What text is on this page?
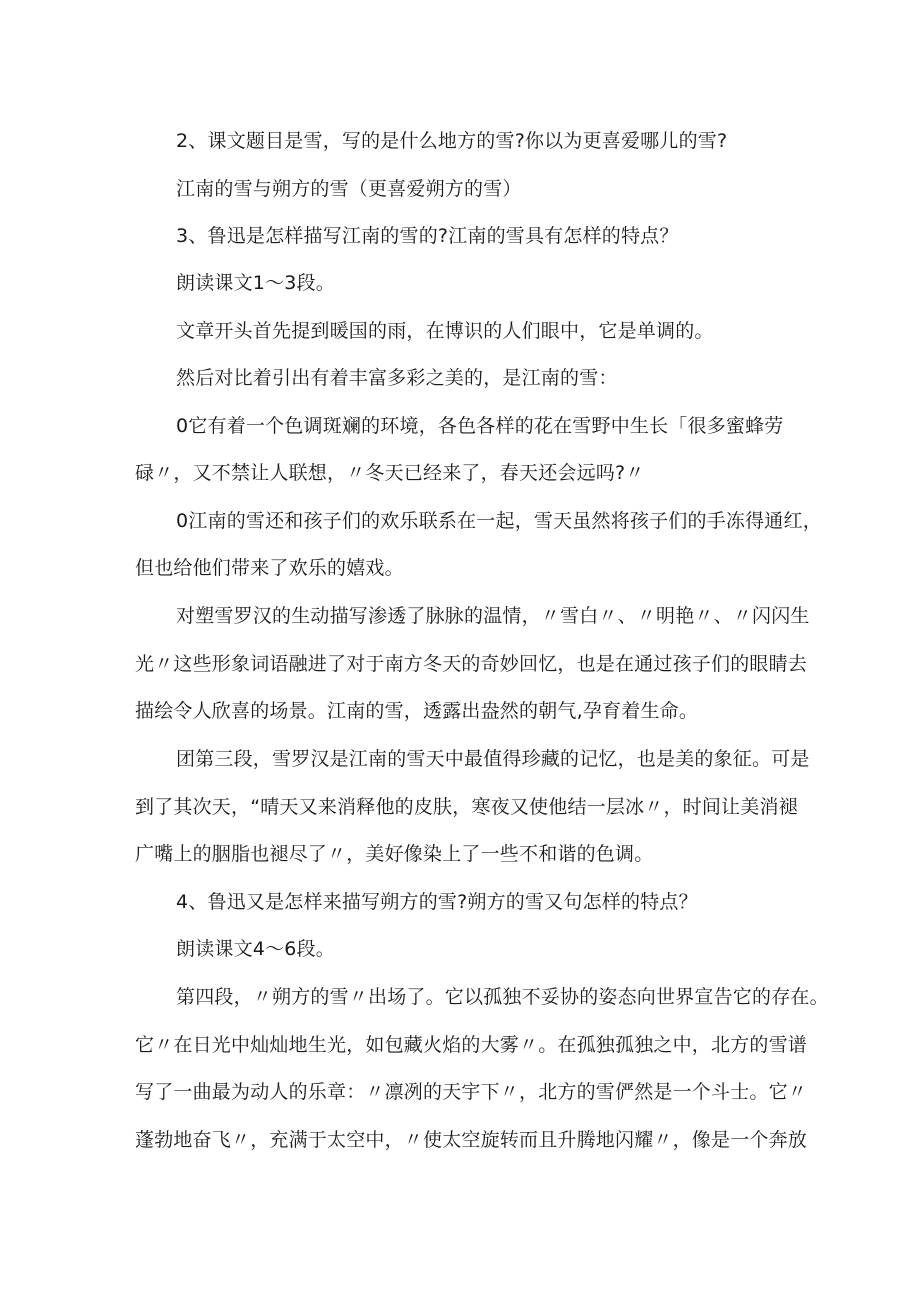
2、课文题目是雪，写的是什么地方的雪?你以为更喜爱哪儿的雪?
江南的雪与朔方的雪（更喜爱朔方的雪）
3、鲁迅是怎样描写江南的雪的?江南的雪具有怎样的特点？
朗读课文1～3段。
文章开头首先提到暖国的雨，在博识的人们眼中，它是单调的。
然后对比着引出有着丰富多彩之美的，是江南的雪：
0它有着一个色调斑斓的环境，各色各样的花在雪野中生长「很多蜜蜂劳
碌〃，又不禁让人联想，〃冬天已经来了，春天还会远吗?〃
0江南的雪还和孩子们的欢乐联系在一起，雪天虽然将孩子们的手冻得通红，
但也给他们带来了欢乐的嬉戏。
对塑雪罗汉的生动描写渗透了脉脉的温情，〃雪白〃、〃明艳〃、〃闪闪生
光〃这些形象词语融进了对于南方冬天的奇妙回忆，也是在通过孩子们的眼睛去
描绘令人欣喜的场景。江南的雪，透露出盎然的朝气,孕育着生命。
团第三段，雪罗汉是江南的雪天中最值得珍藏的记忆，也是美的象征。可是
到了其次天，“晴天又来消释他的皮肤，寒夜又使他结一层冰〃，时间让美消褪
广嘴上的胭脂也褪尽了〃，美好像染上了一些不和谐的色调。
4、鲁迅又是怎样来描写朔方的雪?朔方的雪又句怎样的特点？
朗读课文4～6段。
第四段，〃朔方的雪〃出场了。它以孤独不妥协的姿态向世界宣告它的存在。
它〃在日光中灿灿地生光，如包藏火焰的大雾〃。在孤独孤独之中，北方的雪谱
写了一曲最为动人的乐章：〃凛冽的天宇下〃，北方的雪俨然是一个斗士。它〃
蓬勃地奋飞〃，充满于太空中，〃使太空旋转而且升腾地闪耀〃，像是一个奔放
